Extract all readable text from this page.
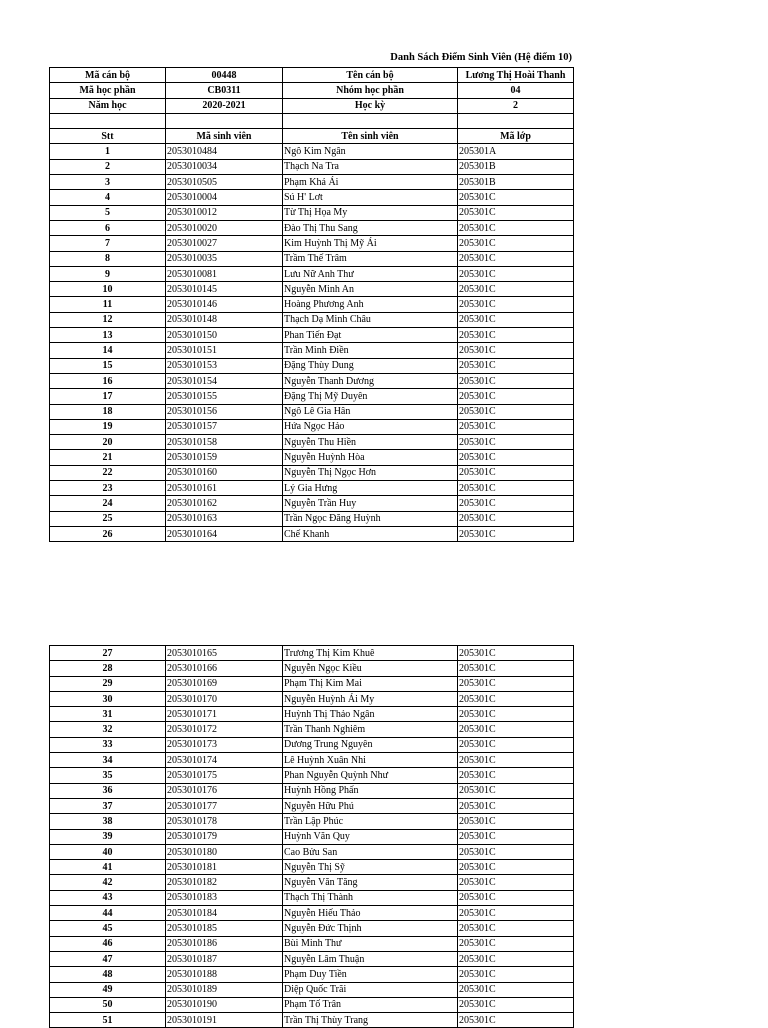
Danh Sách Điểm Sinh Viên (Hệ điểm 10)
Mã cán bộ	00448	Tên cán bộ	Lương Thị Hoài Thanh
Mã học phần	CB0311	Nhóm học phần	04
Năm học	2020-2021	Học kỳ	2

Stt	Mã sinh viên	Tên sinh viên	Mã lớp
1	2053010484	Ngô Kim Ngân	205301A
2	2053010034	Thạch Na Tra	205301B
3	2053010505	Phạm Khả Ái	205301B
4	2053010004	Sú H' Lơt	205301C
5	2053010012	Từ Thị Họa My	205301C
6	2053010020	Đào Thị Thu Sang	205301C
7	2053010027	Kim Huỳnh Thị Mỹ Ái	205301C
8	2053010035	Trầm Thế Trâm	205301C
9	2053010081	Lưu Nữ Anh Thư	205301C
10	2053010145	Nguyễn Minh An	205301C
11	2053010146	Hoàng Phương Anh	205301C
12	2053010148	Thạch Dạ Minh Châu	205301C
13	2053010150	Phan Tiến Đạt	205301C
14	2053010151	Trần Minh Điền	205301C
15	2053010153	Đặng Thùy Dung	205301C
16	2053010154	Nguyễn Thanh Dương	205301C
17	2053010155	Đặng Thị Mỹ Duyên	205301C
18	2053010156	Ngô Lê Gia Hân	205301C
19	2053010157	Hứa Ngọc Hảo	205301C
20	2053010158	Nguyễn Thu Hiền	205301C
21	2053010159	Nguyễn Huỳnh Hòa	205301C
22	2053010160	Nguyễn Thị Ngọc Hơn	205301C
23	2053010161	Lý Gia Hưng	205301C
24	2053010162	Nguyễn Trần Huy	205301C
25	2053010163	Trần Ngọc Đăng Huỳnh	205301C
26	2053010164	Chế Khanh	205301C
27	2053010165	Trương Thị Kim Khuê	205301C
28	2053010166	Nguyễn Ngọc Kiều	205301C
29	2053010169	Phạm Thị Kim Mai	205301C
30	2053010170	Nguyễn Huỳnh Ái My	205301C
31	2053010171	Huỳnh Thị Thảo Ngân	205301C
32	2053010172	Trần Thanh Nghiêm	205301C
33	2053010173	Dương Trung Nguyên	205301C
34	2053010174	Lê Huỳnh Xuân Nhi	205301C
35	2053010175	Phan Nguyễn Quỳnh Như	205301C
36	2053010176	Huỳnh Hồng Phấn	205301C
37	2053010177	Nguyễn Hữu Phú	205301C
38	2053010178	Trần Lập Phúc	205301C
39	2053010179	Huỳnh Văn Quy	205301C
40	2053010180	Cao Bửu San	205301C
41	2053010181	Nguyễn Thị Sỹ	205301C
42	2053010182	Nguyễn Văn Tăng	205301C
43	2053010183	Thạch Thị Thành	205301C
44	2053010184	Nguyễn Hiếu Thảo	205301C
45	2053010185	Nguyễn Đức Thịnh	205301C
46	2053010186	Bùi Minh Thư	205301C
47	2053010187	Nguyễn Lâm Thuận	205301C
48	2053010188	Phạm Duy Tiền	205301C
49	2053010189	Diệp Quốc Trãi	205301C
50	2053010190	Phạm Tố Trân	205301C
51	2053010191	Trần Thị Thùy Trang	205301C
